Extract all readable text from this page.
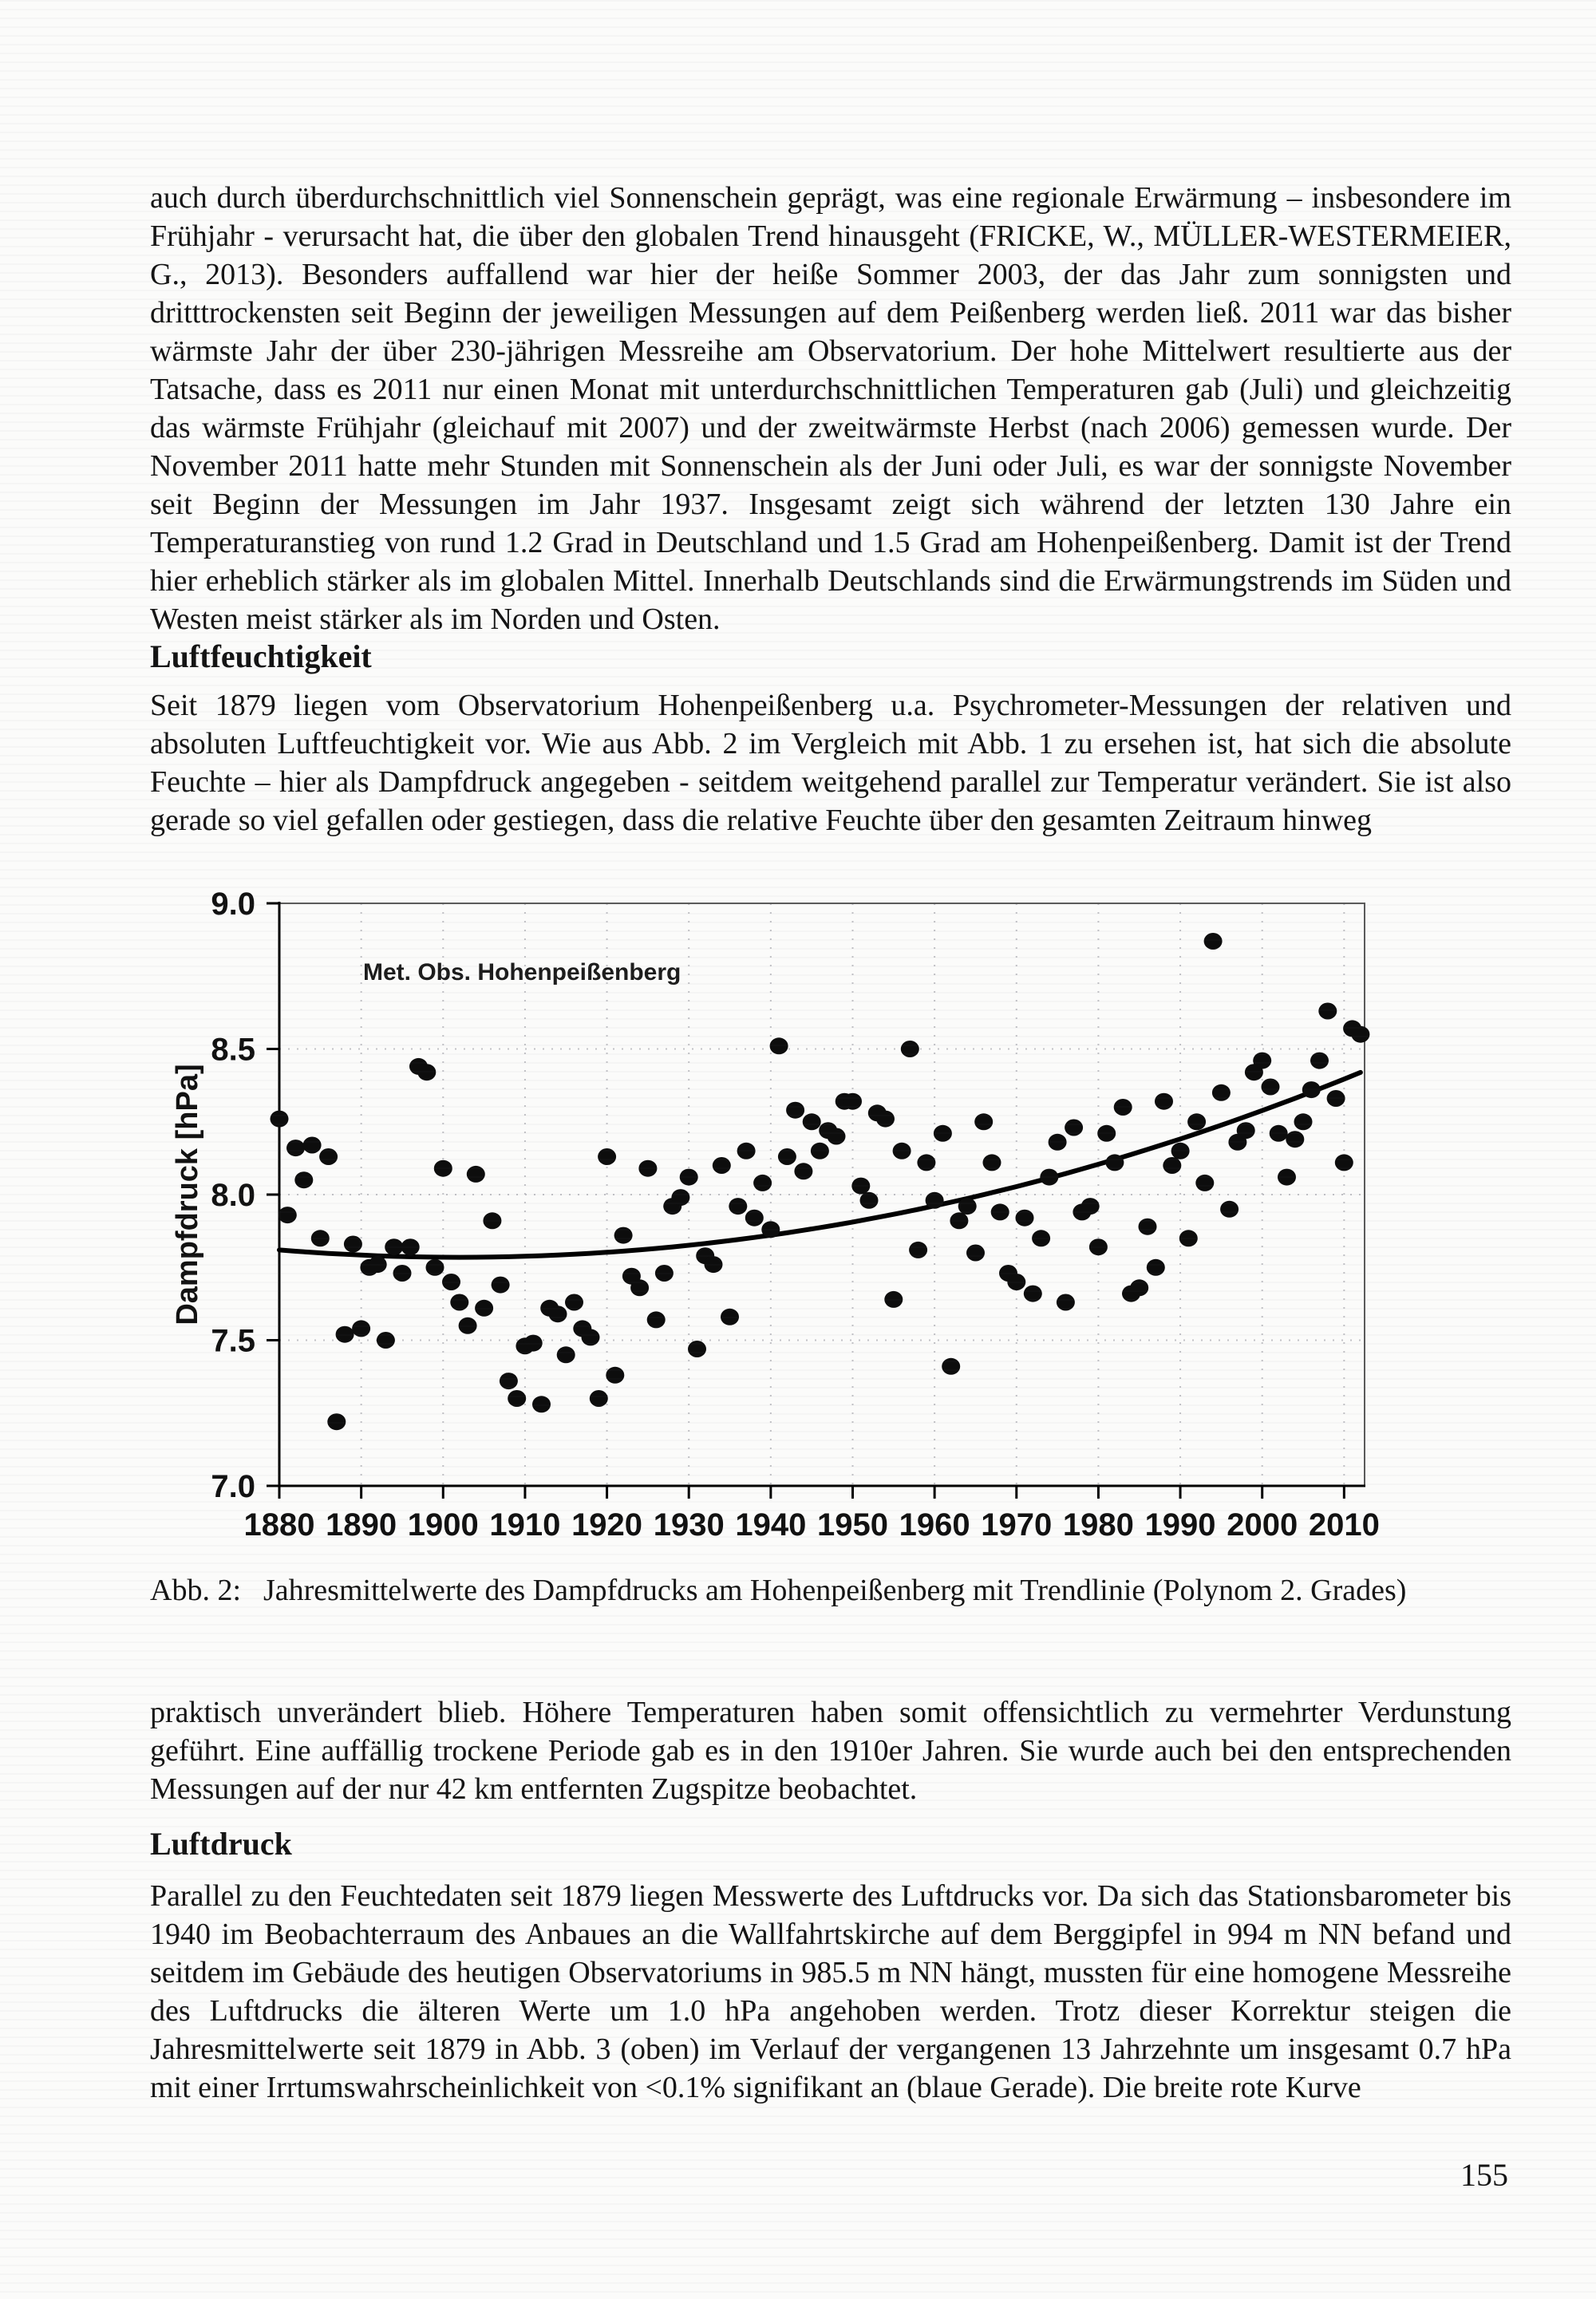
auch durch überdurchschnittlich viel Sonnenschein geprägt, was eine regionale Erwärmung – insbesondere im Frühjahr - verursacht hat, die über den globalen Trend hinausgeht (FRICKE, W., MÜLLER-WESTERMEIER, G., 2013). Besonders auffallend war hier der heiße Sommer 2003, der das Jahr zum sonnigsten und dritttrockensten seit Beginn der jeweiligen Messungen auf dem Peißenberg werden ließ. 2011 war das bisher wärmste Jahr der über 230-jährigen Messreihe am Observatorium. Der hohe Mittelwert resultierte aus der Tatsache, dass es 2011 nur einen Monat mit unterdurchschnittlichen Temperaturen gab (Juli) und gleichzeitig das wärmste Frühjahr (gleichauf mit 2007) und der zweitwärmste Herbst (nach 2006) gemessen wurde. Der November 2011 hatte mehr Stunden mit Sonnenschein als der Juni oder Juli, es war der sonnigste November seit Beginn der Messungen im Jahr 1937. Insgesamt zeigt sich während der letzten 130 Jahre ein Temperaturanstieg von rund 1.2 Grad in Deutschland und 1.5 Grad am Hohenpeißenberg. Damit ist der Trend hier erheblich stärker als im globalen Mittel. Innerhalb Deutschlands sind die Erwärmungstrends im Süden und Westen meist stärker als im Norden und Osten.

Luftfeuchtigkeit

Seit 1879 liegen vom Observatorium Hohenpeißenberg u.a. Psychrometer-Messungen der relativen und absoluten Luftfeuchtigkeit vor. Wie aus Abb. 2 im Vergleich mit Abb. 1 zu ersehen ist, hat sich die absolute Feuchte – hier als Dampfdruck angegeben - seitdem weitgehend parallel zur Temperatur verändert. Sie ist also gerade so viel gefallen oder gestiegen, dass die relative Feuchte über den gesamten Zeitraum hinweg

1880 1890 1900 1910 1920 1930 1940 1950 1960 1970 1980 1990 2000 2010
7.0
7.5
8.0
8.5
9.0
Dampfdruck [hPa]
Met. Obs. Hohenpeißenberg
Abb. 2: Jahresmittelwerte des Dampfdrucks am Hohenpeißenberg mit Trendlinie (Polynom 2. Grades)

praktisch unverändert blieb. Höhere Temperaturen haben somit offensichtlich zu vermehrter Verdunstung geführt. Eine auffällig trockene Periode gab es in den 1910er Jahren. Sie wurde auch bei den entsprechenden Messungen auf der nur 42 km entfernten Zugspitze beobachtet.

Luftdruck

Parallel zu den Feuchtedaten seit 1879 liegen Messwerte des Luftdrucks vor. Da sich das Stationsbarometer bis 1940 im Beobachterraum des Anbaues an die Wallfahrtskirche auf dem Berggipfel in 994 m NN befand und seitdem im Gebäude des heutigen Observatoriums in 985.5 m NN hängt, mussten für eine homogene Messreihe des Luftdrucks die älteren Werte um 1.0 hPa angehoben werden. Trotz dieser Korrektur steigen die Jahresmittelwerte seit 1879 in Abb. 3 (oben) im Verlauf der vergangenen 13 Jahrzehnte um insgesamt 0.7 hPa mit einer Irrtumswahrscheinlichkeit von <0.1% signifikant an (blaue Gerade). Die breite rote Kurve

155
